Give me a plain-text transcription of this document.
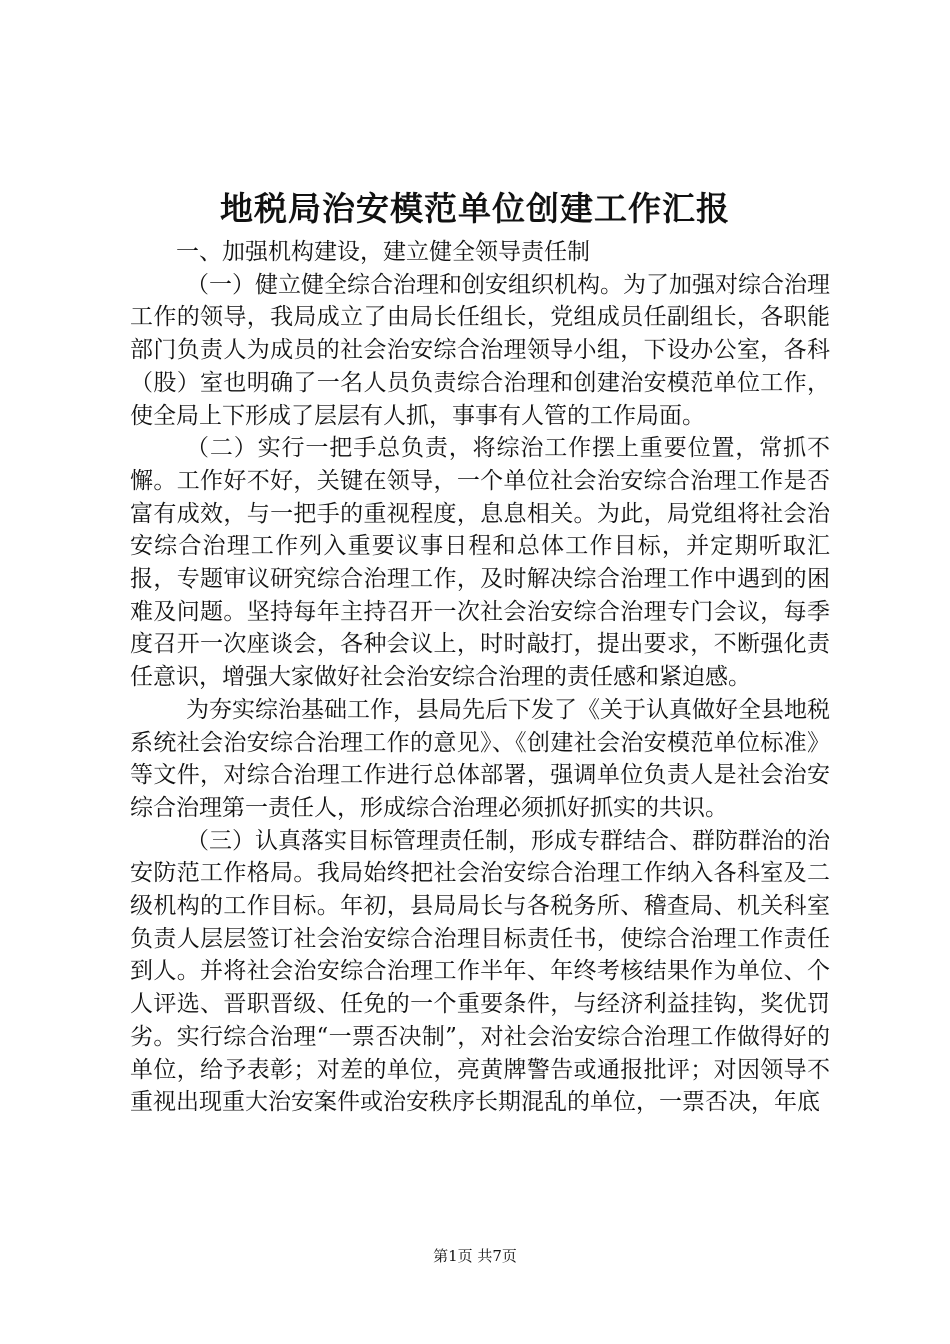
地税局治安模范单位创建工作汇报

一、加强机构建设，建立健全领导责任制

（一）健立健全综合治理和创安组织机构。为了加强对综合治理工作的领导，我局成立了由局长任组长，党组成员任副组长，各职能部门负责人为成员的社会治安综合治理领导小组，下设办公室，各科（股）室也明确了一名人员负责综合治理和创建治安模范单位工作，使全局上下形成了层层有人抓，事事有人管的工作局面。

（二）实行一把手总负责，将综治工作摆上重要位置，常抓不懈。工作好不好，关键在领导，一个单位社会治安综合治理工作是否富有成效，与一把手的重视程度，息息相关。为此，局党组将社会治安综合治理工作列入重要议事日程和总体工作目标，并定期听取汇报，专题审议研究综合治理工作，及时解决综合治理工作中遇到的困难及问题。坚持每年主持召开一次社会治安综合治理专门会议，每季度召开一次座谈会，各种会议上，时时敲打，提出要求，不断强化责任意识，增强大家做好社会治安综合治理的责任感和紧迫感。

为夯实综治基础工作，县局先后下发了《关于认真做好全县地税系统社会治安综合治理工作的意见》、《创建社会治安模范单位标准》等文件，对综合治理工作进行总体部署，强调单位负责人是社会治安综合治理第一责任人，形成综合治理必须抓好抓实的共识。

（三）认真落实目标管理责任制，形成专群结合、群防群治的治安防范工作格局。我局始终把社会治安综合治理工作纳入各科室及二级机构的工作目标。年初，县局局长与各税务所、稽查局、机关科室负责人层层签订社会治安综合治理目标责任书，使综合治理工作责任到人。并将社会治安综合治理工作半年、年终考核结果作为单位、个人评选、晋职晋级、任免的一个重要条件，与经济利益挂钩，奖优罚劣。实行综合治理“一票否决制”，对社会治安综合治理工作做得好的单位，给予表彰；对差的单位，亮黄牌警告或通报批评；对因领导不重视出现重大治安案件或治安秩序长期混乱的单位，一票否决，年底

第1页 共7页
